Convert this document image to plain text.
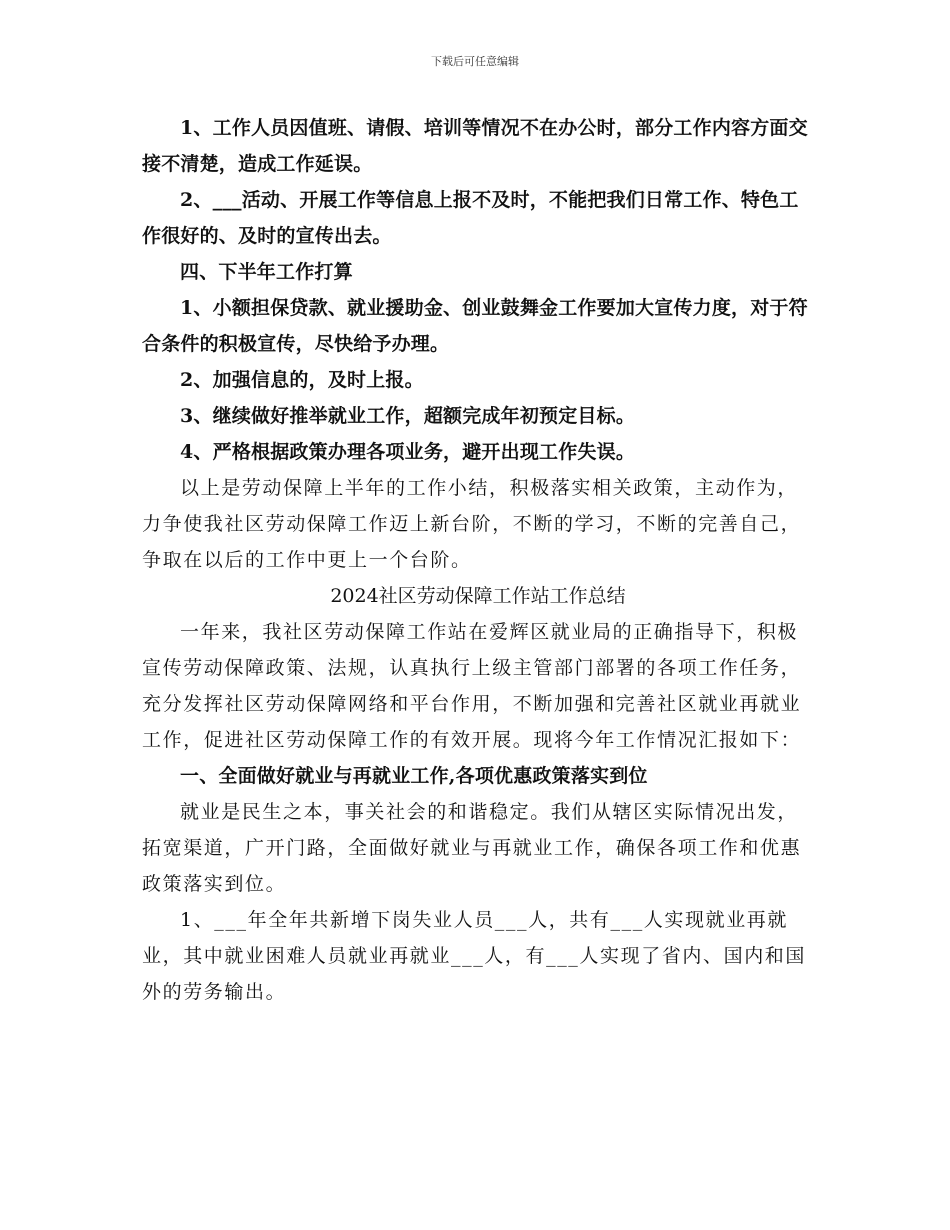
下载后可任意编辑

1、工作人员因值班、请假、培训等情况不在办公时，部分工作内容方面交接不清楚，造成工作延误。

2、___活动、开展工作等信息上报不及时，不能把我们日常工作、特色工作很好的、及时的宣传出去。

四、下半年工作打算

1、小额担保贷款、就业援助金、创业鼓舞金工作要加大宣传力度，对于符合条件的积极宣传，尽快给予办理。

2、加强信息的，及时上报。

3、继续做好推举就业工作，超额完成年初预定目标。

4、严格根据政策办理各项业务，避开出现工作失误。

以上是劳动保障上半年的工作小结，积极落实相关政策，主动作为，力争使我社区劳动保障工作迈上新台阶，不断的学习，不断的完善自己，争取在以后的工作中更上一个台阶。

2024社区劳动保障工作站工作总结

一年来，我社区劳动保障工作站在爱辉区就业局的正确指导下，积极宣传劳动保障政策、法规，认真执行上级主管部门部署的各项工作任务，充分发挥社区劳动保障网络和平台作用，不断加强和完善社区就业再就业工作，促进社区劳动保障工作的有效开展。现将今年工作情况汇报如下：

一、全面做好就业与再就业工作,各项优惠政策落实到位

就业是民生之本，事关社会的和谐稳定。我们从辖区实际情况出发，拓宽渠道，广开门路，全面做好就业与再就业工作，确保各项工作和优惠政策落实到位。

1、___年全年共新增下岗失业人员___人，共有___人实现就业再就业，其中就业困难人员就业再就业___人，有___人实现了省内、国内和国外的劳务输出。
